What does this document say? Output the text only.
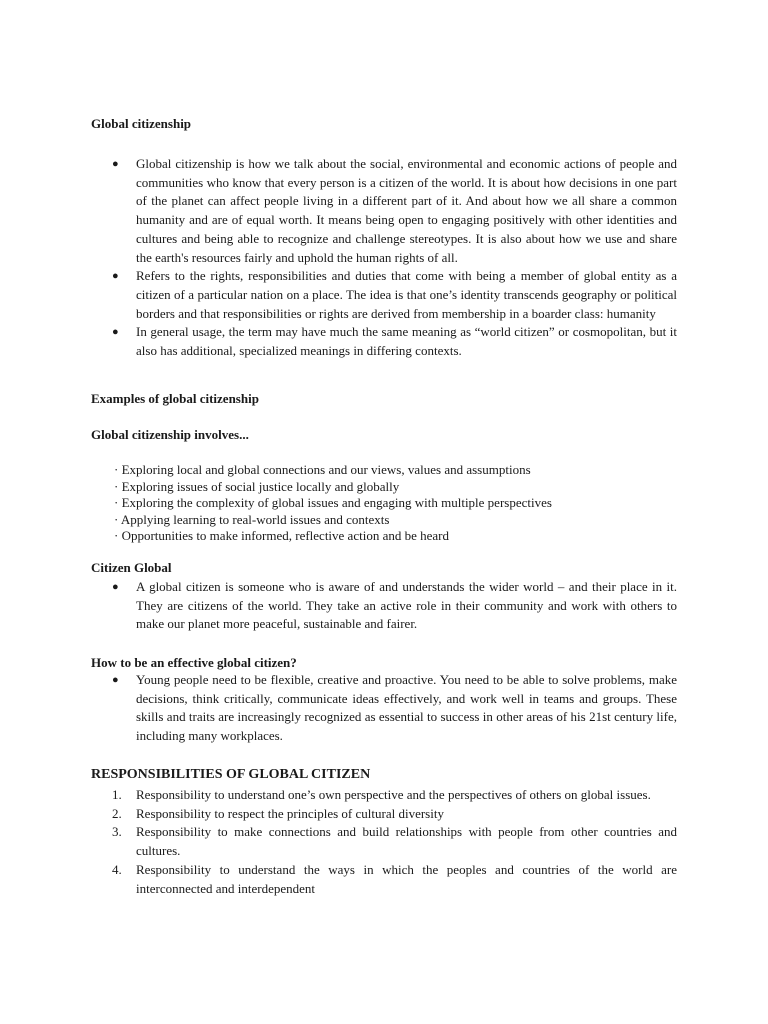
Global citizenship

● Global citizenship is how we talk about the social, environmental and economic actions of people and communities who know that every person is a citizen of the world. It is about how decisions in one part of the planet can affect people living in a different part of it. And about how we all share a common humanity and are of equal worth. It means being open to engaging positively with other identities and cultures and being able to recognize and challenge stereotypes. It is also about how we use and share the earth's resources fairly and uphold the human rights of all.
● Refers to the rights, responsibilities and duties that come with being a member of global entity as a citizen of a particular nation on a place. The idea is that one’s identity transcends geography or political borders and that responsibilities or rights are derived from membership in a boarder class: humanity
● In general usage, the term may have much the same meaning as “world citizen” or cosmopolitan, but it also has additional, specialized meanings in differing contexts.

Examples of global citizenship

Global citizenship involves...

· Exploring local and global connections and our views, values and assumptions
· Exploring issues of social justice locally and globally
· Exploring the complexity of global issues and engaging with multiple perspectives
· Applying learning to real-world issues and contexts
· Opportunities to make informed, reflective action and be heard

Citizen Global

● A global citizen is someone who is aware of and understands the wider world – and their place in it. They are citizens of the world. They take an active role in their community and work with others to make our planet more peaceful, sustainable and fairer.

How to be an effective global citizen?

● Young people need to be flexible, creative and proactive. You need to be able to solve problems, make decisions, think critically, communicate ideas effectively, and work well in teams and groups. These skills and traits are increasingly recognized as essential to success in other areas of his 21st century life, including many workplaces.

RESPONSIBILITIES OF GLOBAL CITIZEN

1. Responsibility to understand one’s own perspective and the perspectives of others on global issues.
2. Responsibility to respect the principles of cultural diversity
3. Responsibility to make connections and build relationships with people from other countries and cultures.
4. Responsibility to understand the ways in which the peoples and countries of the world are interconnected and interdependent
